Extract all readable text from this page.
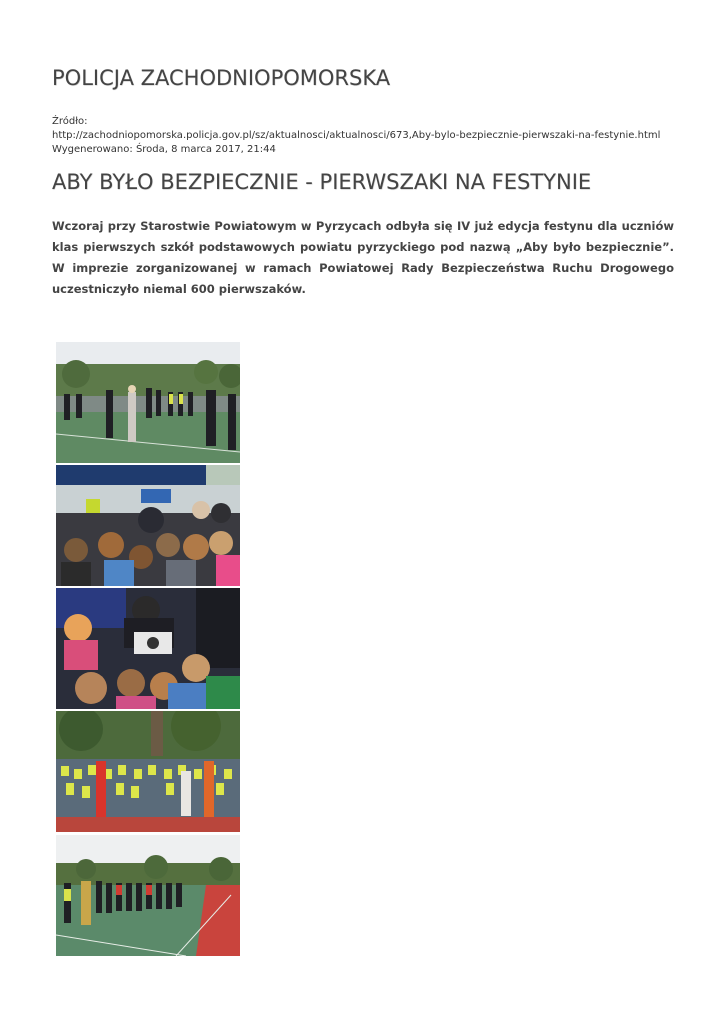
POLICJA ZACHODNIOPOMORSKA
Źródło:
http://zachodniopomorska.policja.gov.pl/sz/aktualnosci/aktualnosci/673,Aby-bylo-bezpiecznie-pierwszaki-na-festynie.html
Wygenerowano: Środa, 8 marca 2017, 21:44
ABY BYŁO BEZPIECZNIE - PIERWSZAKI NA FESTYNIE

Wczoraj przy Starostwie Powiatowym w Pyrzycach odbyła się IV już edycja festynu dla uczniów klas pierwszych szkół podstawowych powiatu pyrzyckiego pod nazwą „Aby było bezpiecznie”. W imprezie zorganizowanej w ramach Powiatowej Rady Bezpieczeństwa Ruchu Drogowego uczestniczyło niemal 600 pierwszaków.
